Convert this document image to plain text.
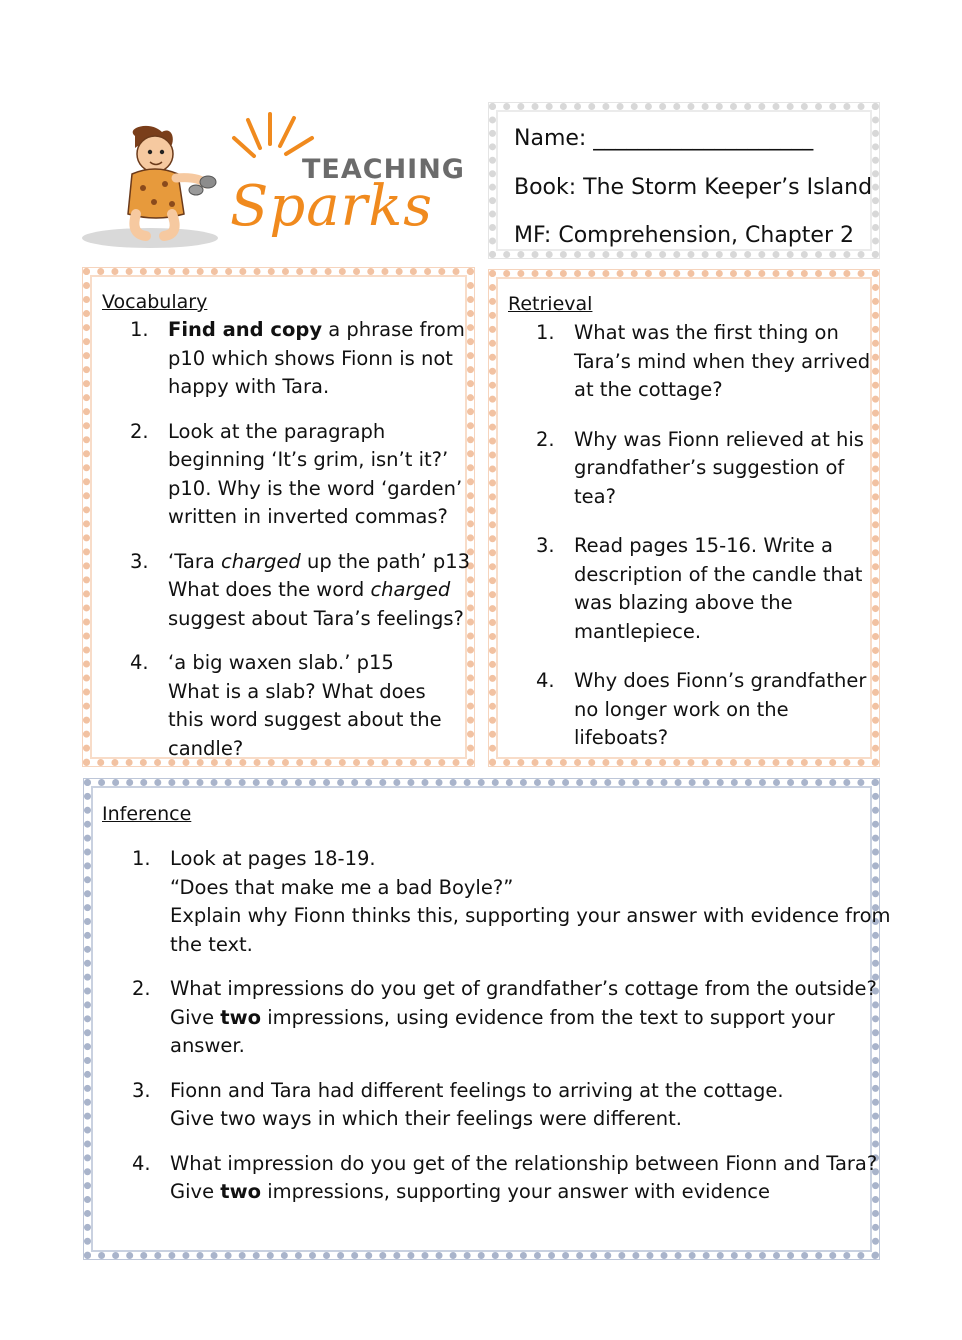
TEACHING
Sparks
Name: ____________________
Book: The Storm Keeper’s Island
MF: Comprehension, Chapter 2
Vocabulary
1. Find and copy a phrase from
p10 which shows Fionn is not
happy with Tara.
2. Look at the paragraph
beginning ‘It’s grim, isn’t it?’
p10. Why is the word ‘garden’
written in inverted commas?
3. ‘Tara charged up the path’ p13
What does the word charged
suggest about Tara’s feelings?
4. ‘a big waxen slab.’ p15
What is a slab? What does
this word suggest about the
candle?
Retrieval
1. What was the first thing on
Tara’s mind when they arrived
at the cottage?
2. Why was Fionn relieved at his
grandfather’s suggestion of
tea?
3. Read pages 15-16. Write a
description of the candle that
was blazing above the
mantlepiece.
4. Why does Fionn’s grandfather
no longer work on the
lifeboats?
Inference
1. Look at pages 18-19.
“Does that make me a bad Boyle?”
Explain why Fionn thinks this, supporting your answer with evidence from
the text.
2. What impressions do you get of grandfather’s cottage from the outside?
Give two impressions, using evidence from the text to support your
answer.
3. Fionn and Tara had different feelings to arriving at the cottage.
Give two ways in which their feelings were different.
4. What impression do you get of the relationship between Fionn and Tara?
Give two impressions, supporting your answer with evidence
